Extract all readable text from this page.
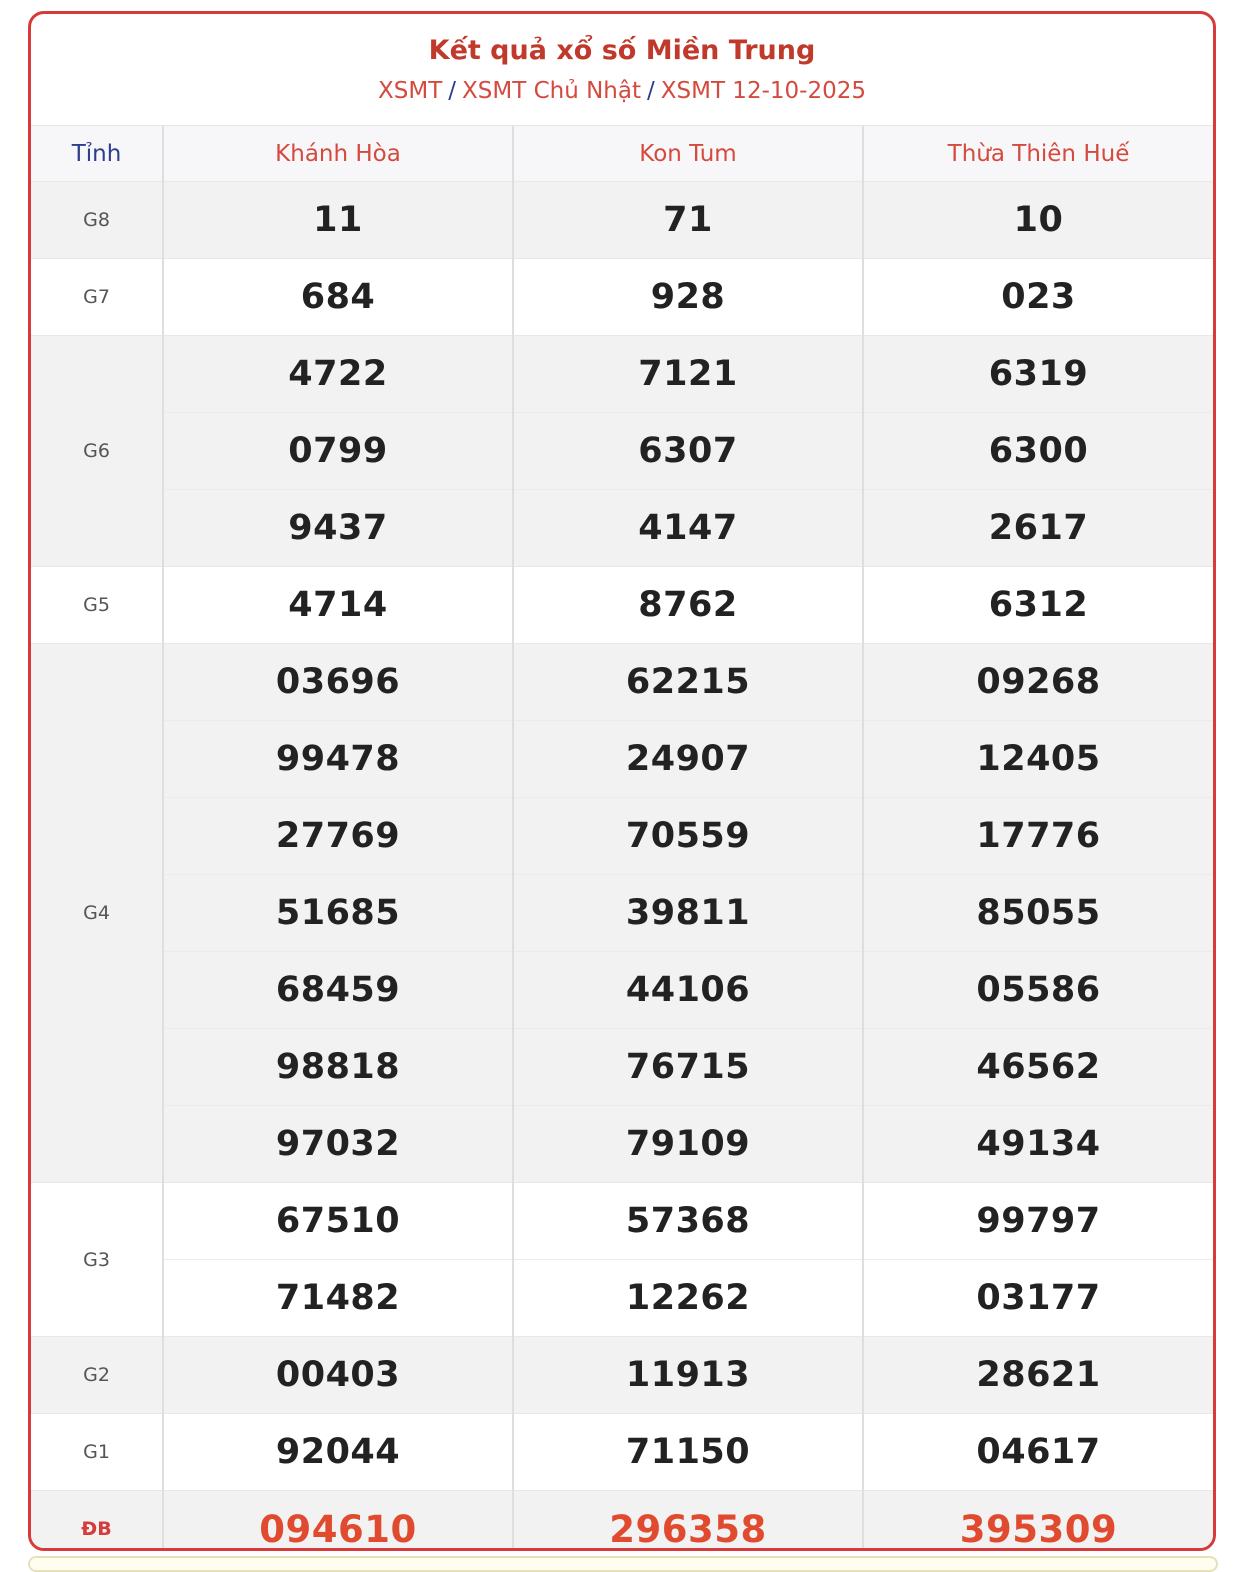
Kết quả xổ số Miền Trung
XSMT / XSMT Chủ Nhật / XSMT 12-10-2025
Tỉnh	Khánh Hòa	Kon Tum	Thừa Thiên Huế
G8	11	71	10
G7	684	928	023
G6	4722	7121	6319
	0799	6307	6300
	9437	4147	2617
G5	4714	8762	6312
G4	03696	62215	09268
	99478	24907	12405
	27769	70559	17776
	51685	39811	85055
	68459	44106	05586
	98818	76715	46562
	97032	79109	49134
G3	67510	57368	99797
	71482	12262	03177
G2	00403	11913	28621
G1	92044	71150	04617
ĐB	094610	296358	395309
